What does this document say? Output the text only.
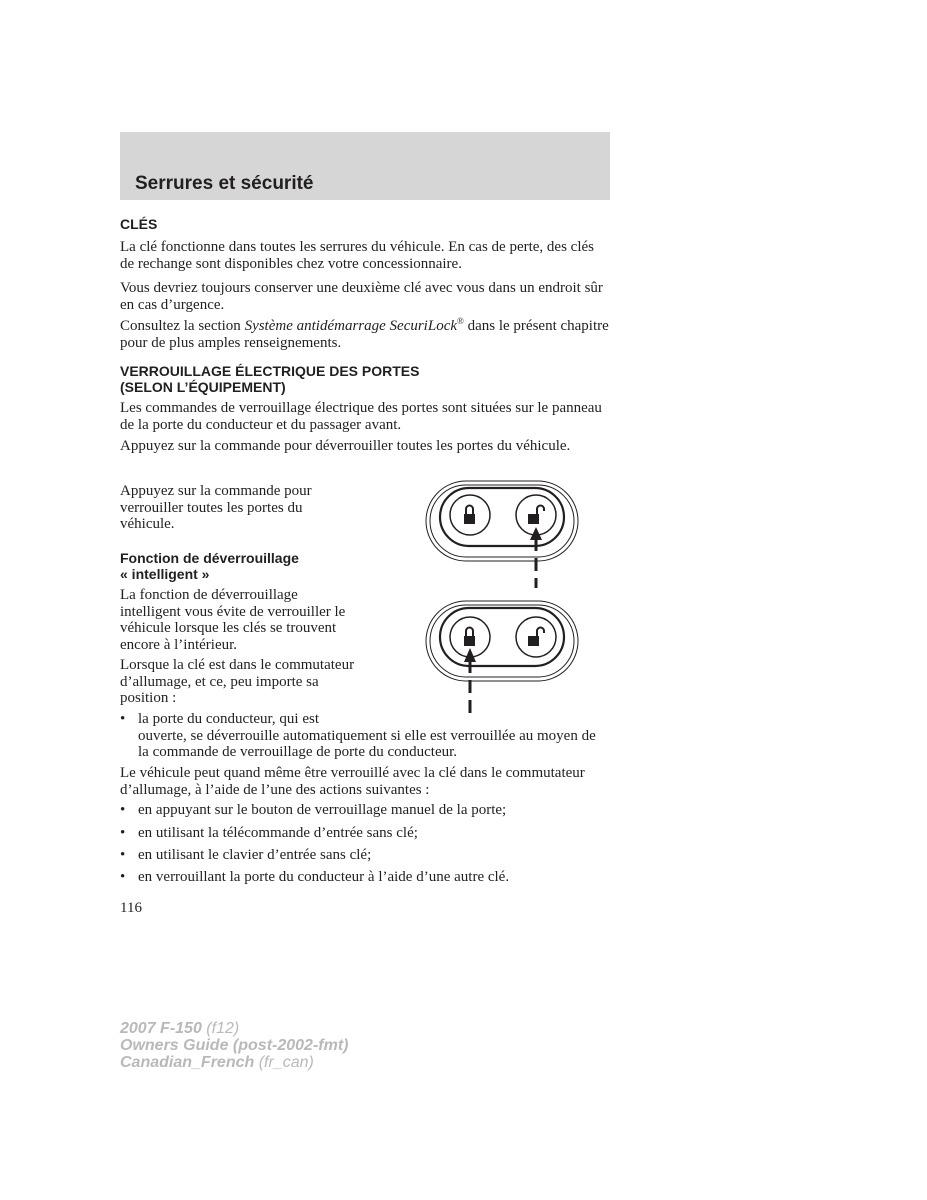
Serrures et sécurité
CLÉS
La clé fonctionne dans toutes les serrures du véhicule. En cas de perte, des clés de rechange sont disponibles chez votre concessionnaire.
Vous devriez toujours conserver une deuxième clé avec vous dans un endroit sûr en cas d’urgence.
Consultez la section Système antidémarrage SecuriLock® dans le présent chapitre pour de plus amples renseignements.
VERROUILLAGE ÉLECTRIQUE DES PORTES
(SELON L’ÉQUIPEMENT)
Les commandes de verrouillage électrique des portes sont situées sur le panneau de la porte du conducteur et du passager avant.
Appuyez sur la commande pour déverrouiller toutes les portes du véhicule.
Appuyez sur la commande pour verrouiller toutes les portes du véhicule.
Fonction de déverrouillage
« intelligent »
La fonction de déverrouillage intelligent vous évite de verrouiller le véhicule lorsque les clés se trouvent encore à l’intérieur.
Lorsque la clé est dans le commutateur d’allumage, et ce, peu importe sa position :
• la porte du conducteur, qui est
ouverte, se déverrouille automatiquement si elle est verrouillée au moyen de la commande de verrouillage de porte du conducteur.
Le véhicule peut quand même être verrouillé avec la clé dans le commutateur d’allumage, à l’aide de l’une des actions suivantes :
• en appuyant sur le bouton de verrouillage manuel de la porte;
• en utilisant la télécommande d’entrée sans clé;
• en utilisant le clavier d’entrée sans clé;
• en verrouillant la porte du conducteur à l’aide d’une autre clé.
116
2007 F-150 (f12)
Owners Guide (post-2002-fmt)
Canadian_French (fr_can)
